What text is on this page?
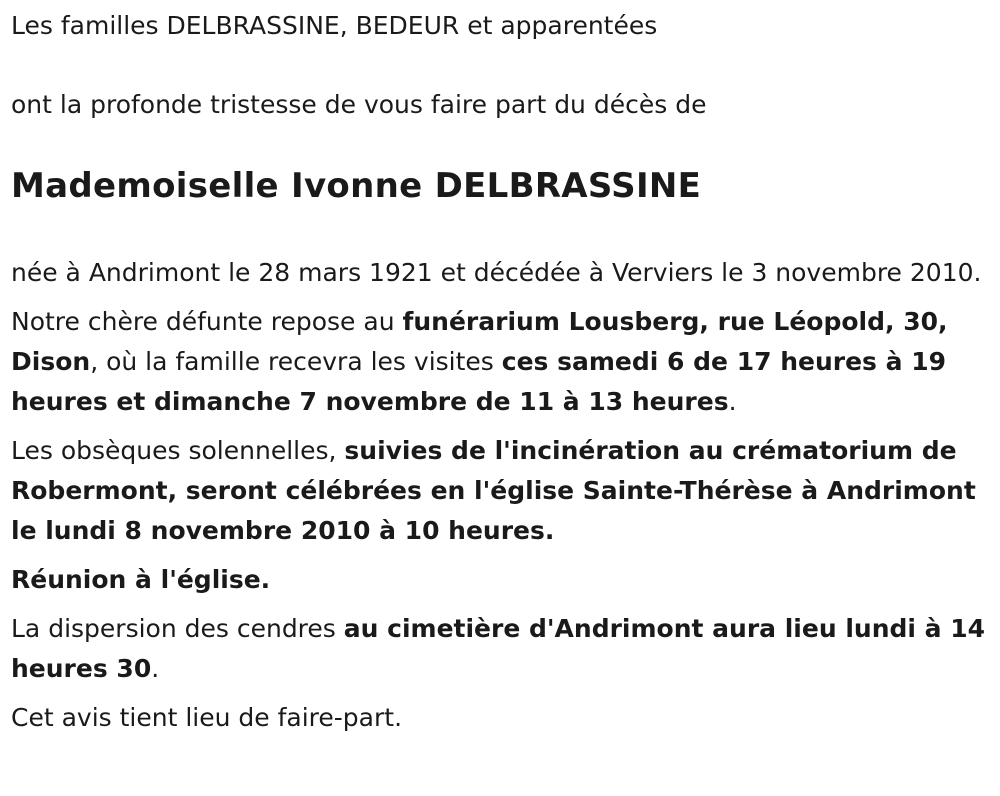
Les familles DELBRASSINE, BEDEUR et apparentées

ont la profonde tristesse de vous faire part du décès de

Mademoiselle Ivonne DELBRASSINE

née à Andrimont le 28 mars 1921 et décédée à Verviers le 3 novembre 2010.

Notre chère défunte repose au funérarium Lousberg, rue Léopold, 30, Dison, où la famille recevra les visites ces samedi 6 de 17 heures à 19 heures et dimanche 7 novembre de 11 à 13 heures.

Les obsèques solennelles, suivies de l'incinération au crématorium de Robermont, seront célébrées en l'église Sainte-Thérèse à Andrimont le lundi 8 novembre 2010 à 10 heures.

Réunion à l'église.

La dispersion des cendres au cimetière d'Andrimont aura lieu lundi à 14 heures 30.

Cet avis tient lieu de faire-part.
